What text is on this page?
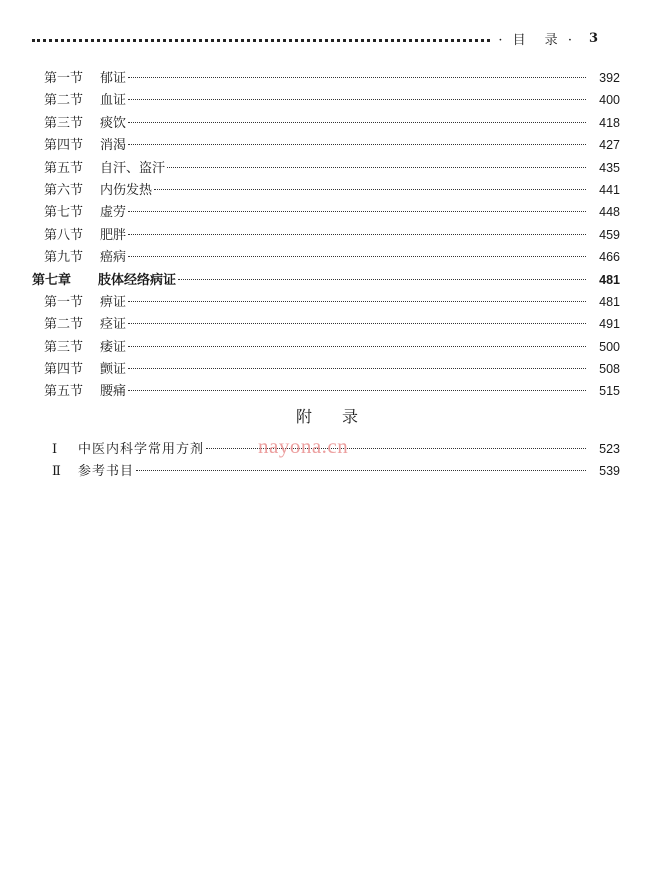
· 目　录 · 3
第一节	郁证	392
第二节	血证	400
第三节	痰饮	418
第四节	消渴	427
第五节	自汗、盗汗	435
第六节	内伤发热	441
第七节	虚劳	448
第八节	肥胖	459
第九节	癌病	466
第七章	肢体经络病证	481
第一节	痹证	481
第二节	痉证	491
第三节	痿证	500
第四节	颤证	508
第五节	腰痛	515
附录
Ⅰ	中医内科学常用方剂	523
Ⅱ	参考书目	539
nayona.cn
